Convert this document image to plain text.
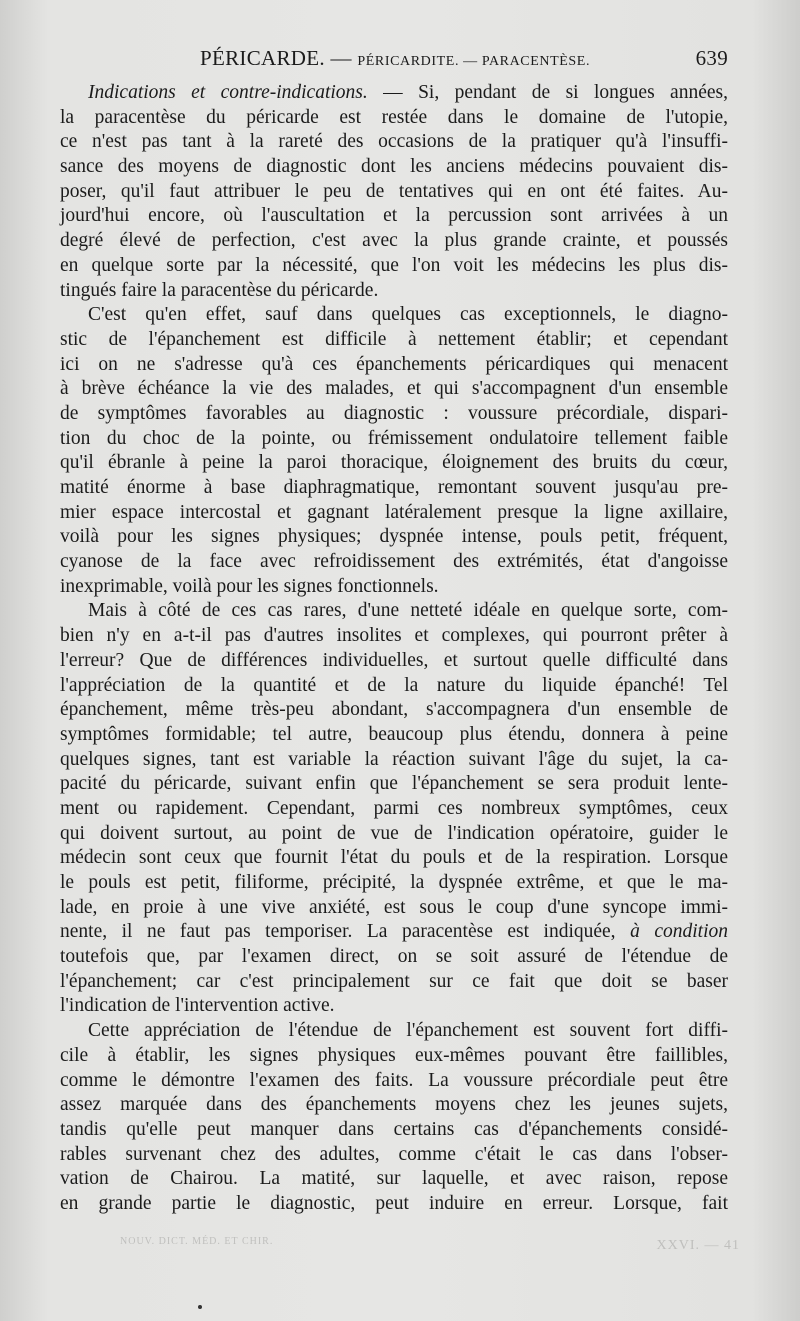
PÉRICARDE. — PÉRICARDITE. — PARACENTÈSE.	639
Indications et contre-indications. — Si, pendant de si longues années,
la paracentèse du péricarde est restée dans le domaine de l'utopie,
ce n'est pas tant à la rareté des occasions de la pratiquer qu'à l'insuffi-
sance des moyens de diagnostic dont les anciens médecins pouvaient dis-
poser, qu'il faut attribuer le peu de tentatives qui en ont été faites. Au-
jourd'hui encore, où l'auscultation et la percussion sont arrivées à un
degré élevé de perfection, c'est avec la plus grande crainte, et poussés
en quelque sorte par la nécessité, que l'on voit les médecins les plus dis-
tingués faire la paracentèse du péricarde.
C'est qu'en effet, sauf dans quelques cas exceptionnels, le diagno-
stic de l'épanchement est difficile à nettement établir; et cependant
ici on ne s'adresse qu'à ces épanchements péricardiques qui menacent
à brève échéance la vie des malades, et qui s'accompagnent d'un ensemble
de symptômes favorables au diagnostic : voussure précordiale, dispari-
tion du choc de la pointe, ou frémissement ondulatoire tellement faible
qu'il ébranle à peine la paroi thoracique, éloignement des bruits du cœur,
matité énorme à base diaphragmatique, remontant souvent jusqu'au pre-
mier espace intercostal et gagnant latéralement presque la ligne axillaire,
voilà pour les signes physiques; dyspnée intense, pouls petit, fréquent,
cyanose de la face avec refroidissement des extrémités, état d'angoisse
inexprimable, voilà pour les signes fonctionnels.
Mais à côté de ces cas rares, d'une netteté idéale en quelque sorte, com-
bien n'y en a-t-il pas d'autres insolites et complexes, qui pourront prêter à
l'erreur? Que de différences individuelles, et surtout quelle difficulté dans
l'appréciation de la quantité et de la nature du liquide épanché! Tel
épanchement, même très-peu abondant, s'accompagnera d'un ensemble de
symptômes formidable; tel autre, beaucoup plus étendu, donnera à peine
quelques signes, tant est variable la réaction suivant l'âge du sujet, la ca-
pacité du péricarde, suivant enfin que l'épanchement se sera produit lente-
ment ou rapidement. Cependant, parmi ces nombreux symptômes, ceux
qui doivent surtout, au point de vue de l'indication opératoire, guider le
médecin sont ceux que fournit l'état du pouls et de la respiration. Lorsque
le pouls est petit, filiforme, précipité, la dyspnée extrême, et que le ma-
lade, en proie à une vive anxiété, est sous le coup d'une syncope immi-
nente, il ne faut pas temporiser. La paracentèse est indiquée, à condition
toutefois que, par l'examen direct, on se soit assuré de l'étendue de
l'épanchement; car c'est principalement sur ce fait que doit se baser
l'indication de l'intervention active.
Cette appréciation de l'étendue de l'épanchement est souvent fort diffi-
cile à établir, les signes physiques eux-mêmes pouvant être faillibles,
comme le démontre l'examen des faits. La voussure précordiale peut être
assez marquée dans des épanchements moyens chez les jeunes sujets,
tandis qu'elle peut manquer dans certains cas d'épanchements considé-
rables survenant chez des adultes, comme c'était le cas dans l'obser-
vation de Chairou. La matité, sur laquelle, et avec raison, repose
en grande partie le diagnostic, peut induire en erreur. Lorsque, fait
NOUV. DICT. MÉD. ET CHIR.	XXVI. — 41
